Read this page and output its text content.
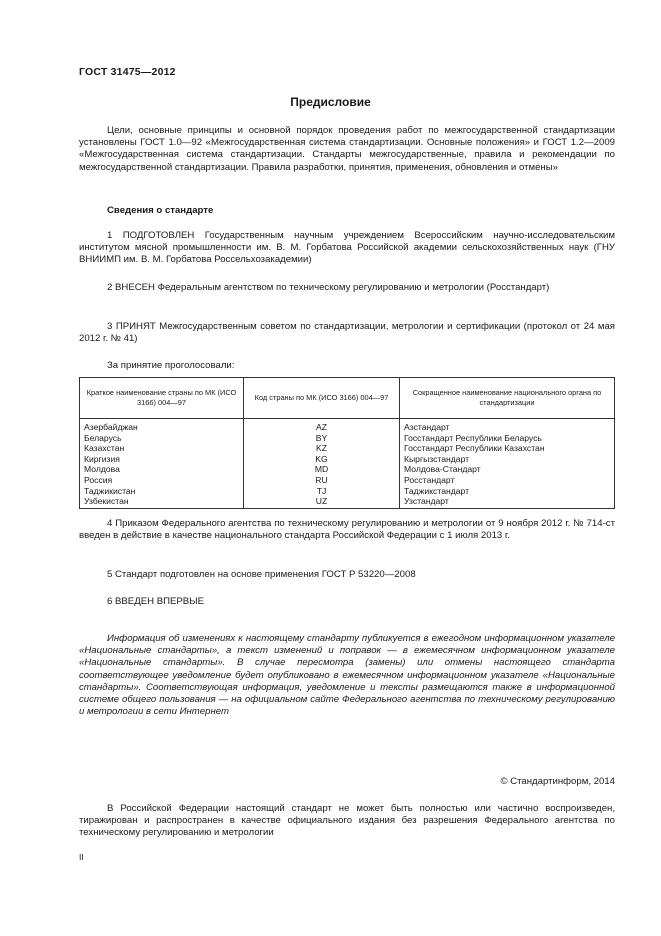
ГОСТ 31475—2012
Предисловие

Цели, основные принципы и основной порядок проведения работ по межгосударственной стандартизации установлены ГОСТ 1.0—92 «Межгосударственная система стандартизации. Основные положения» и ГОСТ 1.2—2009 «Межгосударственная система стандартизации. Стандарты межгосударственные, правила и рекомендации по межгосударственной стандартизации. Правила разработки, принятия, применения, обновления и отмены»

Сведения о стандарте

1 ПОДГОТОВЛЕН Государственным научным учреждением Всероссийским научно-исследовательским институтом мясной промышленности им. В. М. Горбатова Российской академии сельскохозяйственных наук (ГНУ ВНИИМП им. В. М. Горбатова Россельхозакадемии)

2 ВНЕСЕН Федеральным агентством по техническому регулированию и метрологии (Росстандарт)

3 ПРИНЯТ Межгосударственным советом по стандартизации, метрологии и сертификации (протокол от 24 мая 2012 г. № 41)

За принятие проголосовали:

Краткое наименование страны по МК (ИСО 3166) 004—97	Код страны по МК (ИСО 3166) 004—97	Сокращенное наименование национального органа по стандартизации
Азербайджан	AZ	Азстандарт
Беларусь	BY	Госстандарт Республики Беларусь
Казахстан	KZ	Госстандарт Республики Казахстан
Киргизия	KG	Кыргызстандарт
Молдова	MD	Молдова-Стандарт
Россия	RU	Росстандарт
Таджикистан	TJ	Таджикстандарт
Узбекистан	UZ	Узстандарт

4 Приказом Федерального агентства по техническому регулированию и метрологии от 9 ноября 2012 г. № 714-ст введен в действие в качестве национального стандарта Российской Федерации с 1 июля 2013 г.

5 Стандарт подготовлен на основе применения ГОСТ Р 53220—2008

6 ВВЕДЕН ВПЕРВЫЕ

Информация об изменениях к настоящему стандарту публикуется в ежегодном информационном указателе «Национальные стандарты», а текст изменений и поправок — в ежемесячном информационном указателе «Национальные стандарты». В случае пересмотра (замены) или отмены настоящего стандарта соответствующее уведомление будет опубликовано в ежемесячном информационном указателе «Национальные стандарты». Соответствующая информация, уведомление и тексты размещаются также в информационной системе общего пользования — на официальном сайте Федерального агентства по техническому регулированию и метрологии в сети Интернет

© Стандартинформ, 2014

В Российской Федерации настоящий стандарт не может быть полностью или частично воспроизведен, тиражирован и распространен в качестве официального издания без разрешения Федерального агентства по техническому регулированию и метрологии

II
